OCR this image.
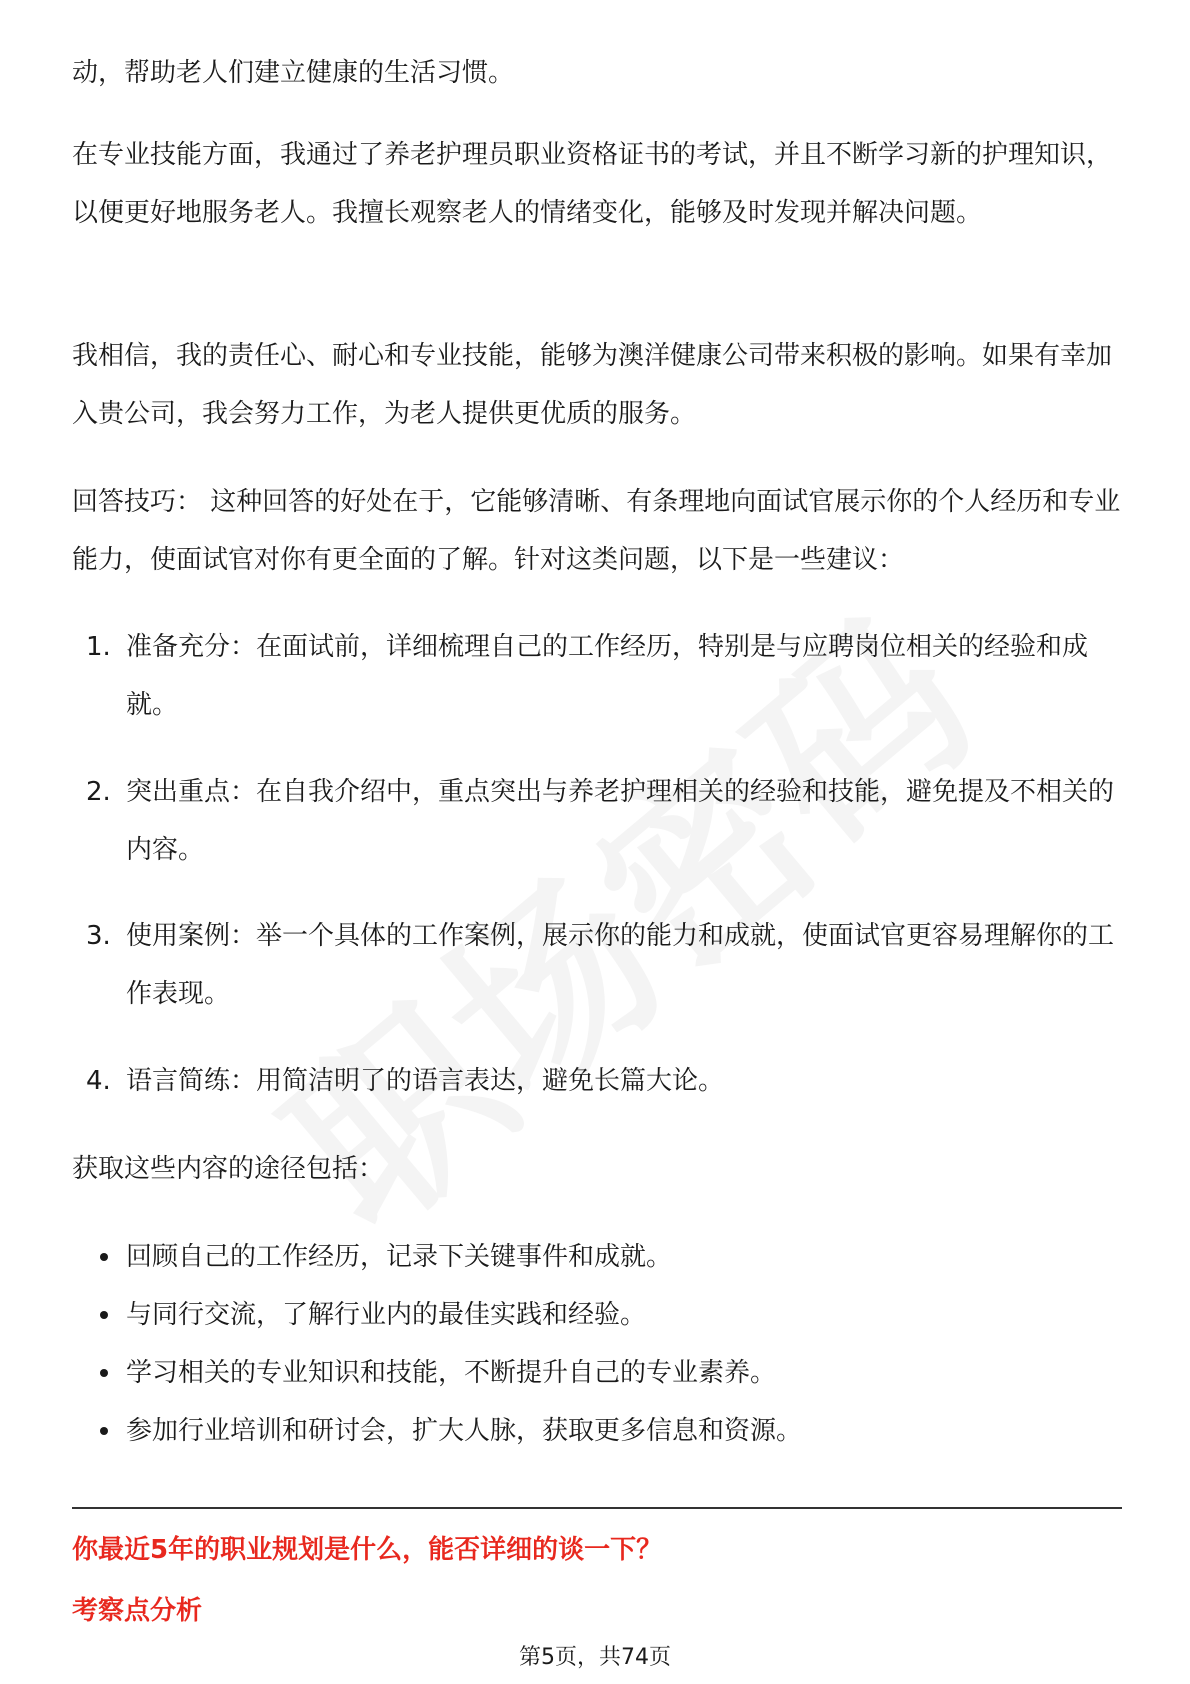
动，帮助老人们建立健康的生活习惯。

在专业技能方面，我通过了养老护理员职业资格证书的考试，并且不断学习新的护理知识，以便更好地服务老人。我擅长观察老人的情绪变化，能够及时发现并解决问题。

我相信，我的责任心、耐心和专业技能，能够为澳洋健康公司带来积极的影响。如果有幸加入贵公司，我会努力工作，为老人提供更优质的服务。

回答技巧： 这种回答的好处在于，它能够清晰、有条理地向面试官展示你的个人经历和专业能力，使面试官对你有更全面的了解。针对这类问题，以下是一些建议：

1. 准备充分：在面试前，详细梳理自己的工作经历，特别是与应聘岗位相关的经验和成就。
2. 突出重点：在自我介绍中，重点突出与养老护理相关的经验和技能，避免提及不相关的内容。
3. 使用案例：举一个具体的工作案例，展示你的能力和成就，使面试官更容易理解你的工作表现。
4. 语言简练：用简洁明了的语言表达，避免长篇大论。

获取这些内容的途径包括：

回顾自己的工作经历，记录下关键事件和成就。
与同行交流，了解行业内的最佳实践和经验。
学习相关的专业知识和技能，不断提升自己的专业素养。
参加行业培训和研讨会，扩大人脉，获取更多信息和资源。
你最近5年的职业规划是什么，能否详细的谈一下？
考察点分析
第5页，共74页
